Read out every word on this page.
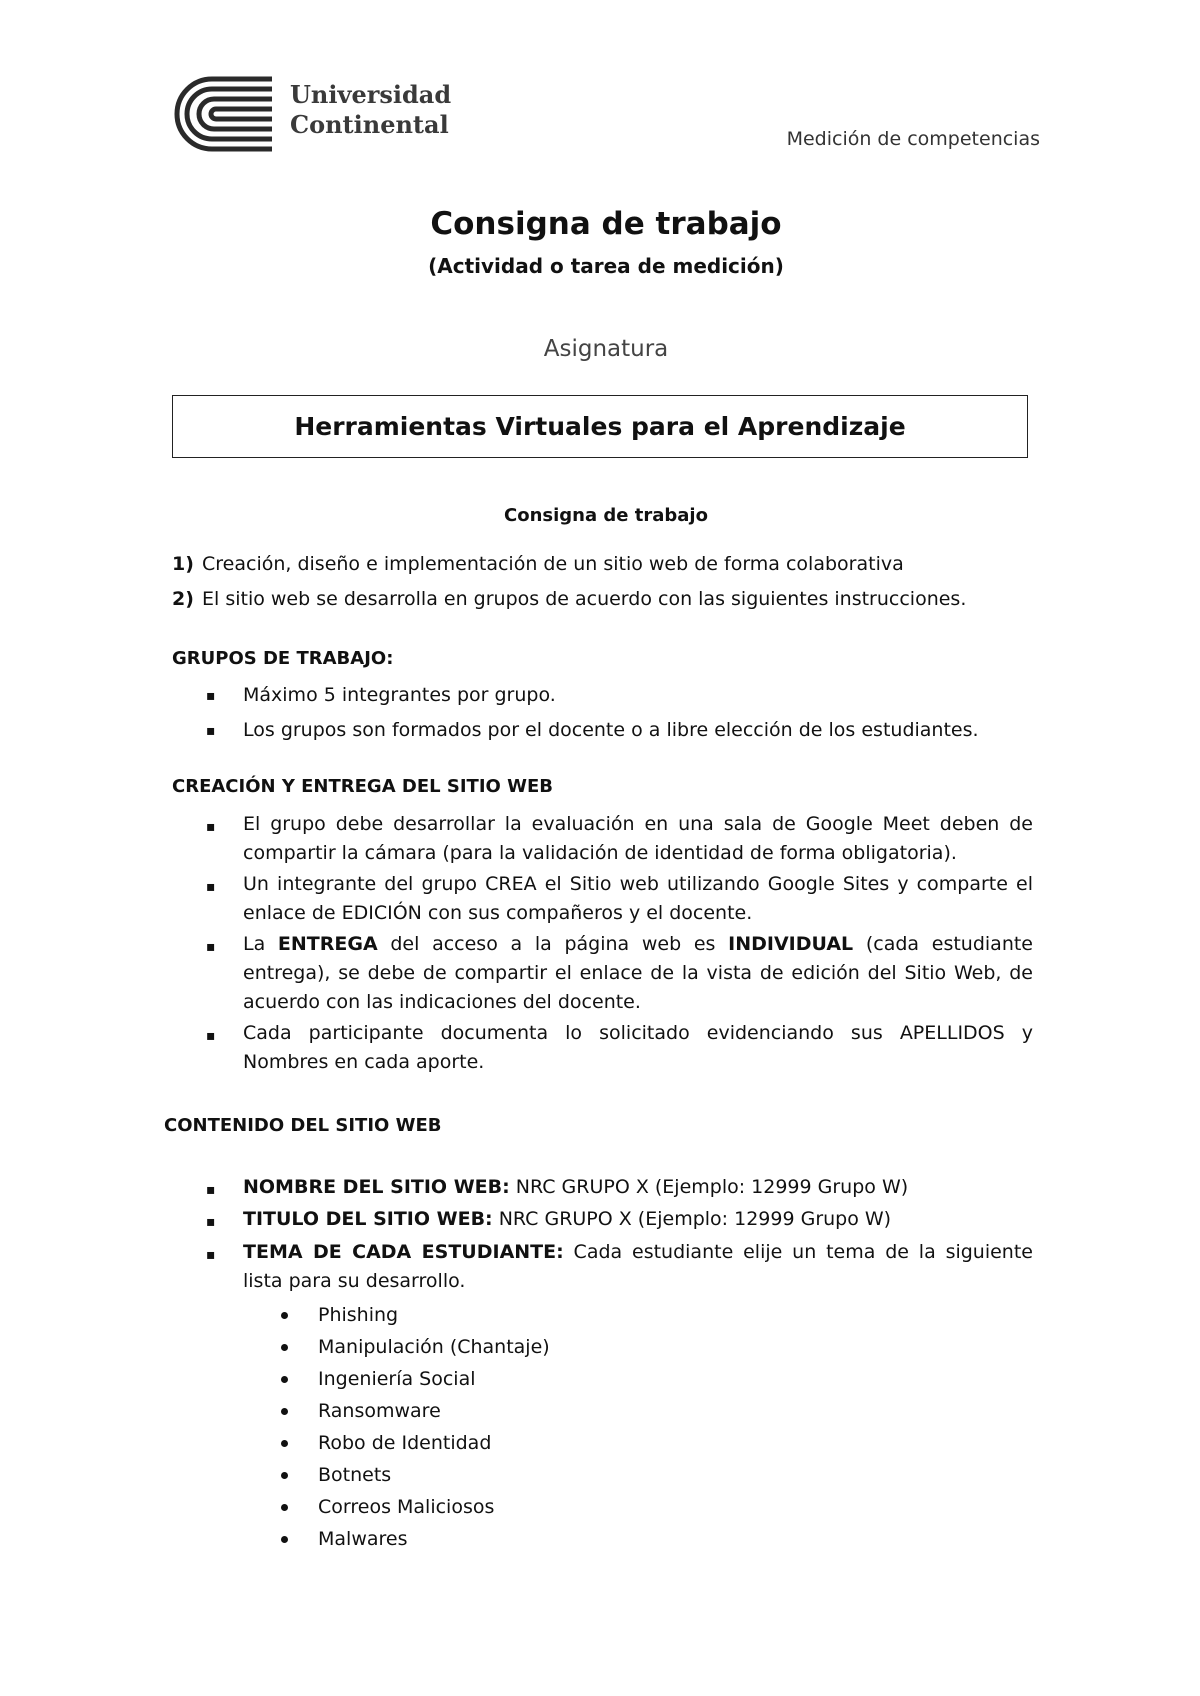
Universidad
Continental	Medición de competencias
Consigna de trabajo
(Actividad o tarea de medición)
Asignatura
Herramientas Virtuales para el Aprendizaje
Consigna de trabajo
1) Creación, diseño e implementación de un sitio web de forma colaborativa
2) El sitio web se desarrolla en grupos de acuerdo con las siguientes instrucciones.
GRUPOS DE TRABAJO:
▪ Máximo 5 integrantes por grupo.
▪ Los grupos son formados por el docente o a libre elección de los estudiantes.
CREACIÓN Y ENTREGA DEL SITIO WEB
▪ El grupo debe desarrollar la evaluación en una sala de Google Meet deben de compartir la cámara (para la validación de identidad de forma obligatoria).
▪ Un integrante del grupo CREA el Sitio web utilizando Google Sites y comparte el enlace de EDICIÓN con sus compañeros y el docente.
▪ La ENTREGA del acceso a la página web es INDIVIDUAL (cada estudiante entrega), se debe de compartir el enlace de la vista de edición del Sitio Web, de acuerdo con las indicaciones del docente.
▪ Cada participante documenta lo solicitado evidenciando sus APELLIDOS y Nombres en cada aporte.
CONTENIDO DEL SITIO WEB
▪ NOMBRE DEL SITIO WEB: NRC GRUPO X (Ejemplo: 12999 Grupo W)
▪ TITULO DEL SITIO WEB: NRC GRUPO X (Ejemplo: 12999 Grupo W)
▪ TEMA DE CADA ESTUDIANTE: Cada estudiante elije un tema de la siguiente lista para su desarrollo.
Phishing
Manipulación (Chantaje)
Ingeniería Social
Ransomware
Robo de Identidad
Botnets
Correos Maliciosos
Malwares
